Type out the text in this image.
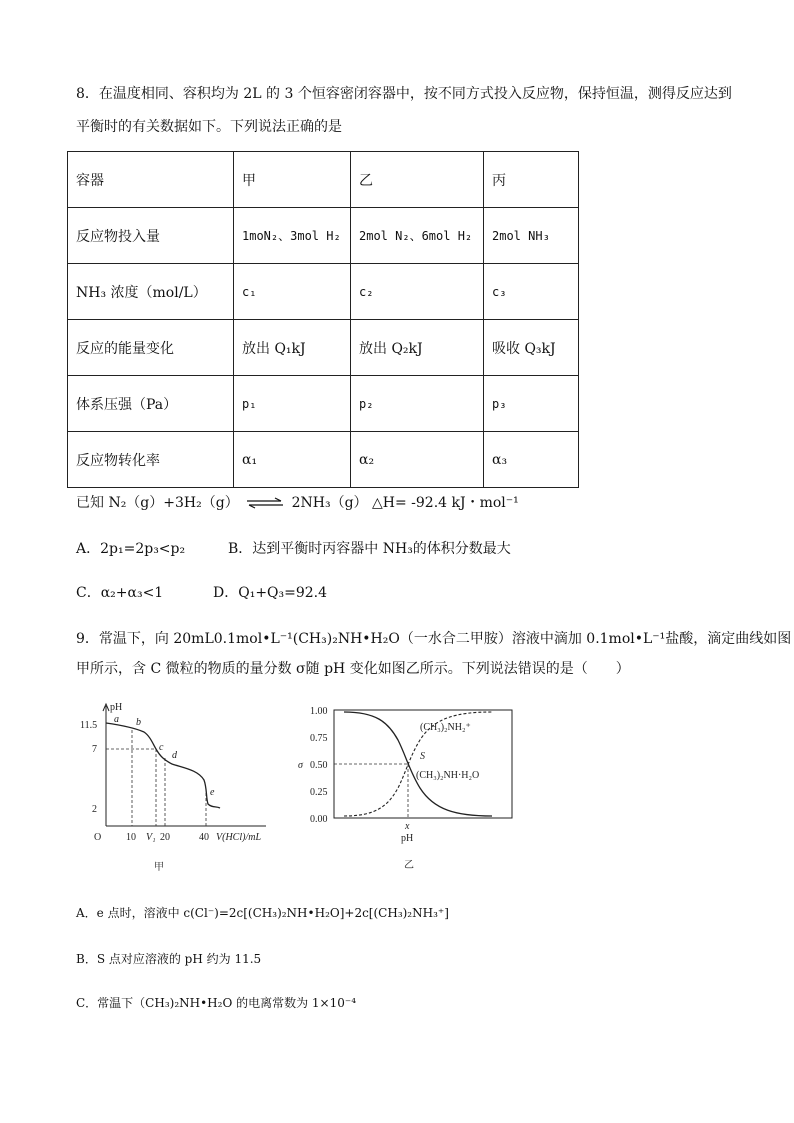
8．在温度相同、容积均为 2L 的 3 个恒容密闭容器中，按不同方式投入反应物，保持恒温，测得反应达到
平衡时的有关数据如下。下列说法正确的是
容器	甲	乙	丙
反应物投入量	1moN₂、3mol H₂	2mol N₂、6mol H₂	2mol NH₃
NH₃ 浓度（mol/L）	c₁	c₂	c₃
反应的能量变化	放出 Q₁kJ	放出 Q₂kJ	吸收 Q₃kJ
体系压强（Pa）	p₁	p₂	p₃
反应物转化率	α₁	α₂	α₃
已知 N₂（g）+3H₂（g） ⇌ 2NH₃（g） △H= -92.4 kJ・mol⁻¹
A．2p₁=2p₃<p₂	B．达到平衡时丙容器中 NH₃的体积分数最大
C．α₂+α₃<1	D．Q₁+Q₃=92.4
9．常温下，向 20mL0.1mol•L⁻¹(CH₃)₂NH•H₂O（一水合二甲胺）溶液中滴加 0.1mol•L⁻¹盐酸，滴定曲线如图
甲所示，含 C 微粒的物质的量分数 σ随 pH 变化如图乙所示。下列说法错误的是（　　）
pH
O
11.5
7
2
10 V₁ 20	40 V(HCl)/mL
a b
c
d
e
甲
1.00
0.75
0.50
0.25
0.00
σ
(CH₃)₂NH₂⁺
S
(CH₃)₂NH·H₂O
x
pH
乙
A．e 点时，溶液中 c(Cl⁻)=2c[(CH₃)₂NH•H₂O]+2c[(CH₃)₂NH₃⁺]
B．S 点对应溶液的 pH 约为 11.5
C．常温下（CH₃)₂NH•H₂O 的电离常数为 1×10⁻⁴
